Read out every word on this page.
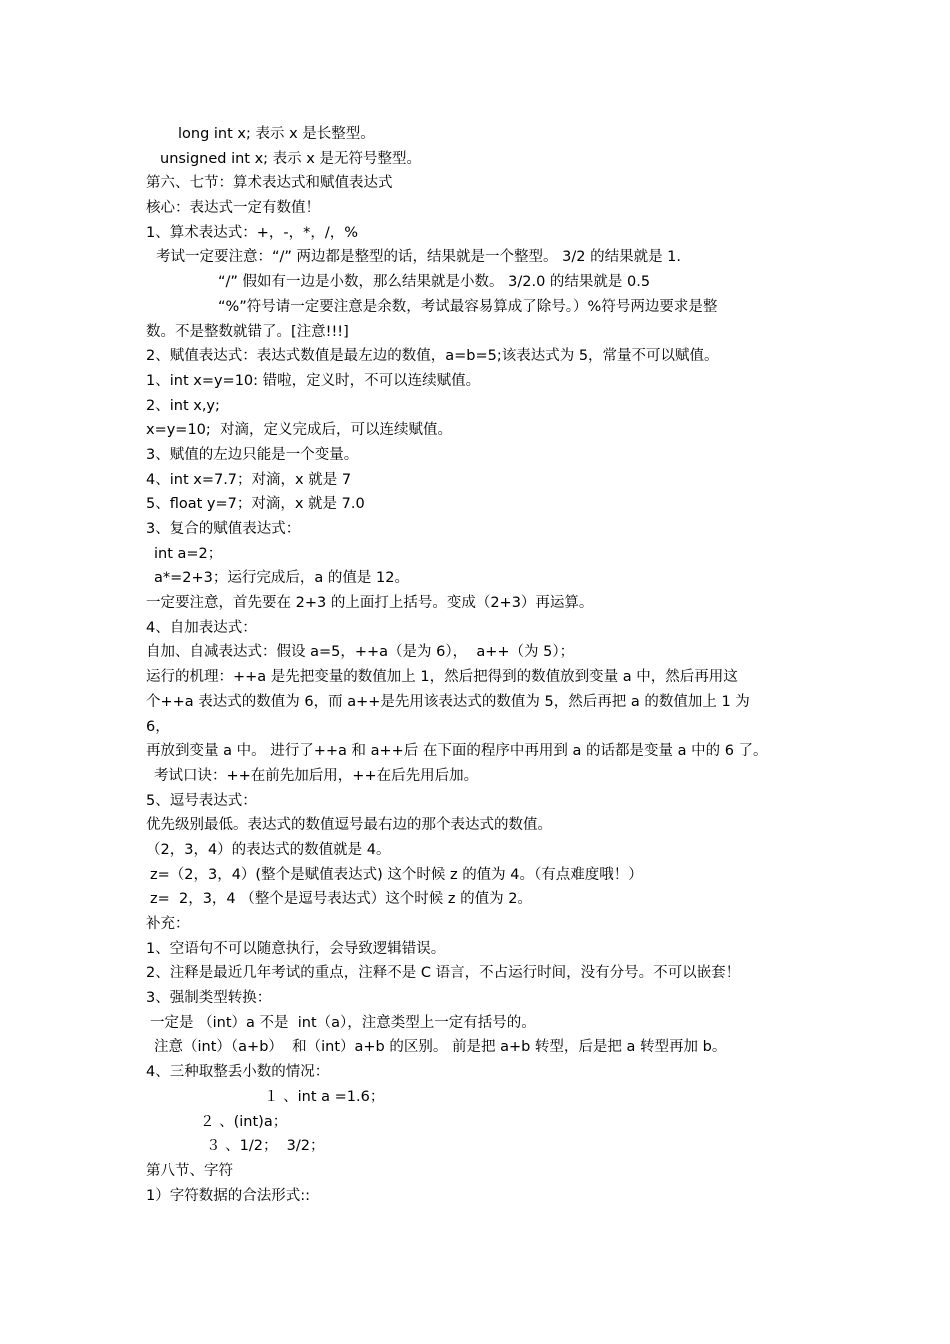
long int x; 表示 x 是长整型。
unsigned int x; 表示 x 是无符号整型。
第六、七节：算术表达式和赋值表达式
核心：表达式一定有数值！
1、算术表达式：+，-，*，/，%
考试一定要注意：“/” 两边都是整型的话，结果就是一个整型。 3/2 的结果就是 1.
“/” 假如有一边是小数，那么结果就是小数。 3/2.0 的结果就是 0.5
“%”符号请一定要注意是余数，考试最容易算成了除号。）%符号两边要求是整
数。不是整数就错了。[注意!!!]
2、赋值表达式：表达式数值是最左边的数值，a=b=5;该表达式为 5，常量不可以赋值。
1、int x=y=10: 错啦，定义时，不可以连续赋值。
2、int x,y;
x=y=10;  对滴，定义完成后，可以连续赋值。
3、赋值的左边只能是一个变量。
4、int x=7.7；对滴，x 就是 7
5、float y=7；对滴，x 就是 7.0
3、复合的赋值表达式：
int a=2；
a*=2+3；运行完成后，a 的值是 12。
一定要注意，首先要在 2+3 的上面打上括号。变成（2+3）再运算。
4、自加表达式：
自加、自减表达式：假设 a=5，++a（是为 6），  a++（为 5）；
运行的机理：++a 是先把变量的数值加上 1，然后把得到的数值放到变量 a 中，然后再用这
个++a 表达式的数值为 6，而 a++是先用该表达式的数值为 5，然后再把 a 的数值加上 1 为
6，
再放到变量 a 中。 进行了++a 和 a++后 在下面的程序中再用到 a 的话都是变量 a 中的 6 了。
考试口诀：++在前先加后用，++在后先用后加。
5、逗号表达式：
优先级别最低。表达式的数值逗号最右边的那个表达式的数值。
（2，3，4）的表达式的数值就是 4。
z=（2，3，4）(整个是赋值表达式) 这个时候 z 的值为 4。（有点难度哦！）
z=  2，3，4 （整个是逗号表达式）这个时候 z 的值为 2。
补充：
1、空语句不可以随意执行，会导致逻辑错误。
2、注释是最近几年考试的重点，注释不是 C 语言，不占运行时间，没有分号。不可以嵌套！
3、强制类型转换：
一定是 （int）a 不是  int（a），注意类型上一定有括号的。
注意（int）（a+b）  和（int）a+b 的区别。 前是把 a+b 转型，后是把 a 转型再加 b。
4、三种取整丢小数的情况：
１ 、int a =1.6；
２ 、(int)a；
３ 、1/2；  3/2；
第八节、字符
1）字符数据的合法形式::
